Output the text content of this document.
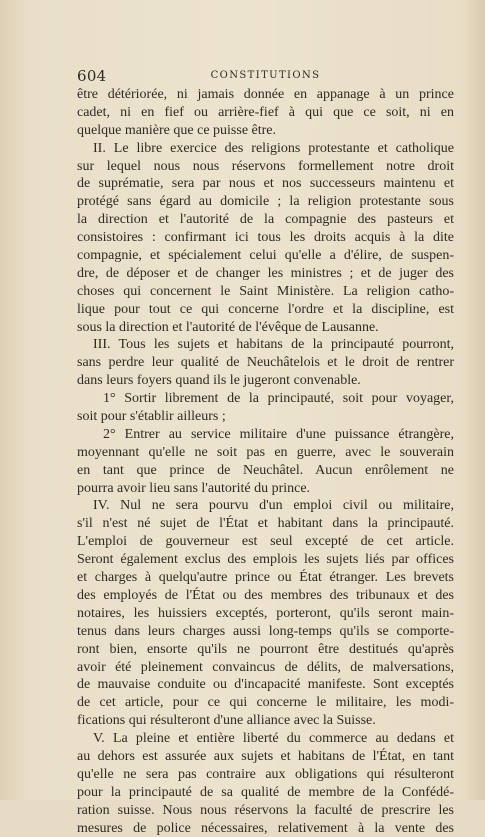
604	CONSTITUTIONS
être détériorée, ni jamais donnée en appanage à un prince
cadet, ni en fief ou arrière-fief à qui que ce soit, ni en
quelque manière que ce puisse être.
II. Le libre exercice des religions protestante et catholique
sur lequel nous nous réservons formellement notre droit
de suprématie, sera par nous et nos successeurs maintenu et
protégé sans égard au domicile ; la religion protestante sous
la direction et l'autorité de la compagnie des pasteurs et
consistoires : confirmant ici tous les droits acquis à la dite
compagnie, et spécialement celui qu'elle a d'élire, de suspen-
dre, de déposer et de changer les ministres ; et de juger des
choses qui concernent le Saint Ministère. La religion catho-
lique pour tout ce qui concerne l'ordre et la discipline, est
sous la direction et l'autorité de l'évêque de Lausanne.
III. Tous les sujets et habitans de la principauté pourront,
sans perdre leur qualité de Neuchâtelois et le droit de rentrer
dans leurs foyers quand ils le jugeront convenable.
1° Sortir librement de la principauté, soit pour voyager,
soit pour s'établir ailleurs ;
2° Entrer au service militaire d'une puissance étrangère,
moyennant qu'elle ne soit pas en guerre, avec le souverain
en tant que prince de Neuchâtel. Aucun enrôlement ne
pourra avoir lieu sans l'autorité du prince.
IV. Nul ne sera pourvu d'un emploi civil ou militaire,
s'il n'est né sujet de l'État et habitant dans la principauté.
L'emploi de gouverneur est seul excepté de cet article.
Seront également exclus des emplois les sujets liés par offices
et charges à quelqu'autre prince ou État étranger. Les brevets
des employés de l'État ou des membres des tribunaux et des
notaires, les huissiers exceptés, porteront, qu'ils seront main-
tenus dans leurs charges aussi long-temps qu'ils se comporte-
ront bien, ensorte qu'ils ne pourront être destitués qu'après
avoir été pleinement convaincus de délits, de malversations,
de mauvaise conduite ou d'incapacité manifeste. Sont exceptés
de cet article, pour ce qui concerne le militaire, les modi-
fications qui résulteront d'une alliance avec la Suisse.
V. La pleine et entière liberté du commerce au dedans et
au dehors est assurée aux sujets et habitans de l'État, en tant
qu'elle ne sera pas contraire aux obligations qui résulteront
pour la principauté de sa qualité de membre de la Confédé-
ration suisse. Nous nous réservons la faculté de prescrire les
mesures de police nécessaires, relativement à la vente des
